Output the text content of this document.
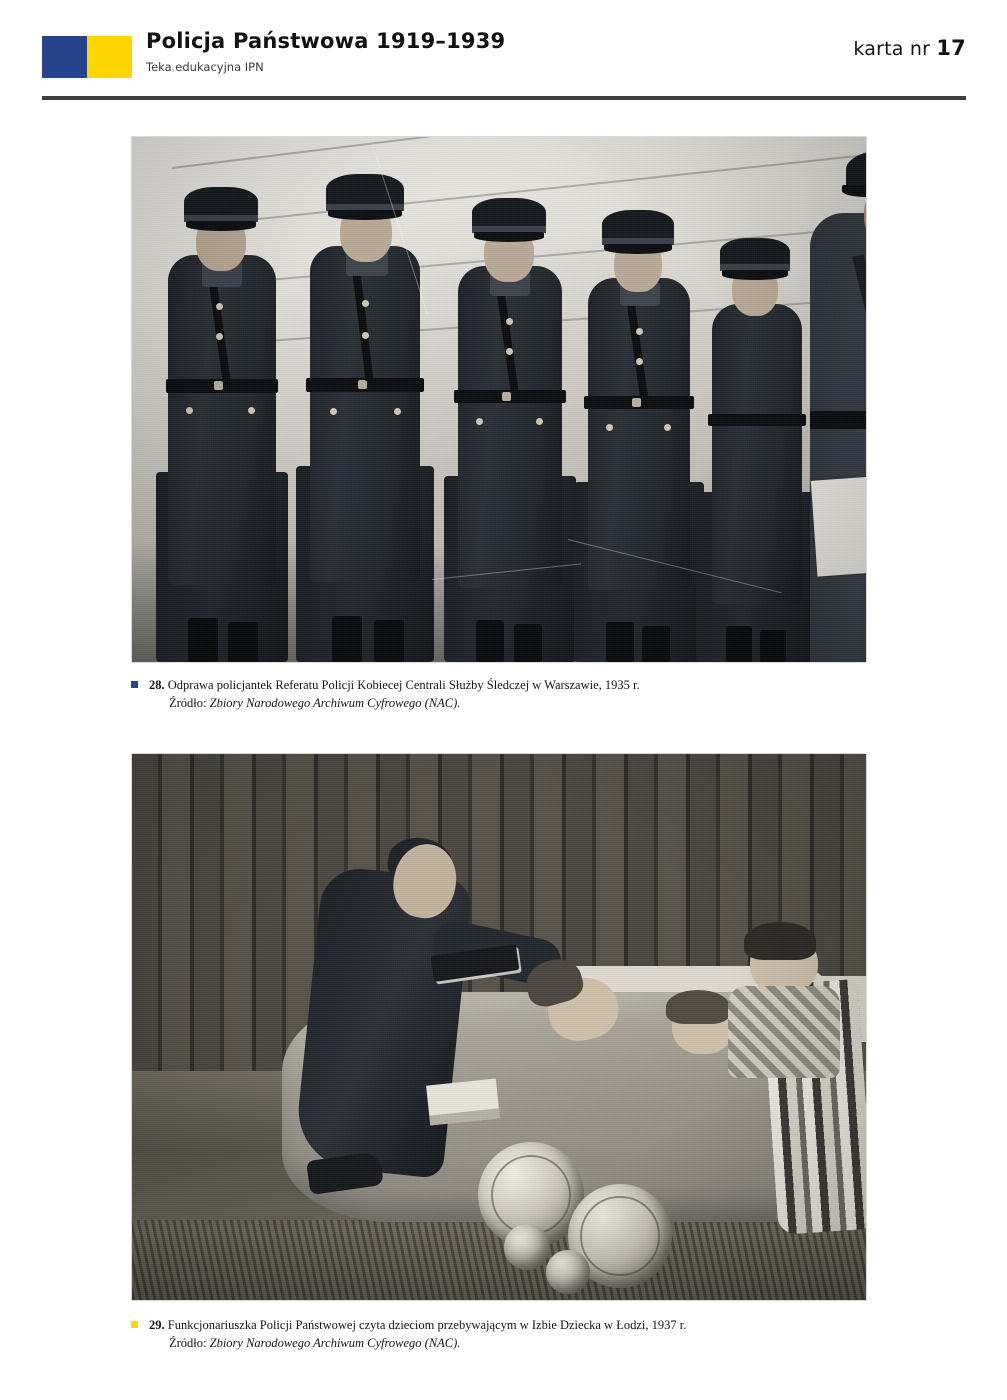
Policja Państwowa 1919–1939
Teka edukacyjna IPN
karta nr 17
28. Odprawa policjantek Referatu Policji Kobiecej Centrali Służby Śledczej w Warszawie, 1935 r.
Źródło: Zbiory Narodowego Archiwum Cyfrowego (NAC).
29. Funkcjonariuszka Policji Państwowej czyta dzieciom przebywającym w Izbie Dziecka w Łodzi, 1937 r.
Źródło: Zbiory Narodowego Archiwum Cyfrowego (NAC).
